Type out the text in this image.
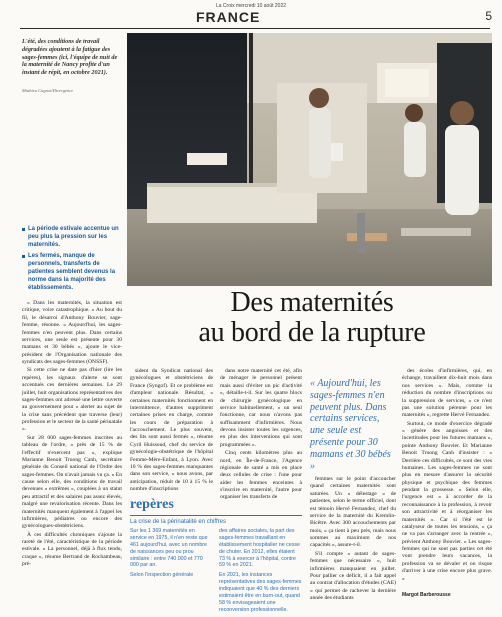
La Croix mercredi 10 août 2022
FRANCE	5
L'été, des conditions de travail dégradées ajoutent à la fatigue des sages-femmes (ici, l'équipe de nuit de la maternité de Nancy profite d'un instant de répit, en octobre 2021).
Mathieu Cugnot/Divergence
Des maternités
au bord de la rupture

La période estivale accentue un peu plus la pression sur les maternités.

Les fermés, manque de personnels, transferts de patientes semblent devenus la norme dans la majorité des établissements.

« Dans les maternités, la situation est critique, voire catastrophique. » Au bout du fil, le désarroi d'Anthony Bouvier, sage-femme, résonne. « Aujourd'hui, les sages-femmes n'en peuvent plus. Dans certains services, une seule est présente pour 30 mamans et 30 bébés », ajoute le vice-président de l'Organisation nationale des syndicats des sages-femmes (ONSSF).

Si cette crise ne date pas d'hier (lire les repères), les signaux d'alerte se sont accentués ces dernières semaines. Le 29 juillet, huit organisations représentatives des sages-femmes ont adressé une lettre ouverte au gouvernement pour « alerter au sujet de la crise sans précédent que traverse (leur) profession et le secteur de la santé périnatale ».

Sur 28 000 sages-femmes inscrites au tableau de l'ordre, « près de 15 % de l'effectif n'exercent pas », explique Marianne Benoit Truong Canh, secrétaire générale du Conseil national de l'Ordre des sages-femmes. On n'avait jamais vu ça. » En cause selon elle, des conditions de travail devenues « extrêmes », couplées à un statut peu attractif et des salaires pas assez élevés, malgré une revalorisation récente. Dans les maternités manquent également à l'appel les infirmières, pédiatres ou encore des gynécologues-obstétriciens.

À ces difficultés chroniques s'ajoute la rareté de l'été, caractéristique de la période estivale. « La personnel, déjà à flux tendu, craque », résume Bertrand de Rochambeau, pré-

sident du Syndicat national des gynécologues et obstétriciens de France (Syngof). Et ce problème est d'ampleur nationale. Résultat, « certaines maternités fonctionnent en intermittence, d'autres suppriment certaines prises en charge, comme les cours de préparation à l'accouchement. Le plus souvent, des lits sont aussi fermés », résume Cyril Huissoud, chef du service de gynécologie-obstétrique de l'hôpital Femme-Mère-Enfant, à Lyon. Avec 10 % des sages-femmes manquantes dans son service, « nous avons, par anticipation, réduit de 10 à 15 % le nombre d'inscriptions

dans notre maternité cet été, afin de ménager le personnel présent mais aussi d'éviter un pic d'activité », détaille-t-il. Sur les quatre blocs de chirurgie gynécologique en service habituellement, « un seul fonctionne, car nous n'avons pas suffisamment d'infirmières. Nous devons insister toutes les urgences, en plus des interventions qui sont programmées ».

Cinq cents kilomètres plus au nord, en Île-de-France, l'Agence régionale de santé a mis en place deux cellules de crise : l'une pour aider les femmes enceintes à s'inscrire en maternité, l'autre pour organiser les transferts de

« Aujourd'hui, les sages-femmes n'en peuvent plus. Dans certains services, une seule est présente pour 30 mamans et 30 bébés »

femmes sur le point d'accoucher quand certaines maternités sont saturées. Un « délestage » de patientes, selon le terme officiel, dont est témoin Hervé Fernandez, chef du service de la maternité du Kremlin-Bicêtre. Avec 300 accouchements par mois, « ça tient à peu près, mais nous sommes au maximum de nos capacités », assure-t-il.

S'il compte « autant de sages-femmes que nécessaire », huit infirmières manquaient en juillet. Pour pallier ce déficit, il a fait appel au contrat d'allocation d'études (CAE) « qui permet de rachever la dernière année des étudiants

des écoles d'infirmières, qui, en échange, travaillent dix-huit mois dans nos services ». Mais, comme la réduction du nombre d'inscriptions ou la suppression de services, « ce n'est pas une solution pérenne pour les maternités », regrette Hervé Fernandez.

Surtout, ce mode d'exercice dégradé « génère des angoisses et des incertitudes pour les futures mamans », pointe Anthony Bouvier. Et Marianne Benoit Truong Canh d'insister : « Derrière ces difficultés, ce sont des vies humaines. Les sages-femmes ne sont plus en mesure d'assurer la sécurité physique et psychique des femmes pendant la grossesse. » Selon elle, l'urgence est « à accorder de la reconnaissance à la profession, à revoir son attractivité et à réorganiser les maternités ». Car si l'été est le catalyseur de toutes les tensions, « ça ne va pas s'arranger avec la rentrée », prévient Anthony Bouvier. « Les sages-femmes qui ne sont pas parties cet été vont prendre leurs vacances, la profession va se dévaler et on risque d'arriver à une crise encore plus grave. »

Margot Barberousse
repères
La crise de la périnatalité en chiffres

Sur les 1 369 maternités en service en 1975, il n'en reste que 461 aujourd'hui, avec un nombre de naissances peu ou prou similaire : entre 740 000 et 770 000 par an.

Selon l'inspection générale

des affaires sociales, la part des sages-femmes travaillant en établissement hospitalier ne cesse de chuter. En 2012, elles étaient 73 % à exercer à l'hôpital, contre 59 % en 2021.

En 2021, les instances représentatives des sages-femmes indiquaient que 40 % des derniers estimaient être en burn-out, quand 58 % envisageaient une reconversion professionnelle.
